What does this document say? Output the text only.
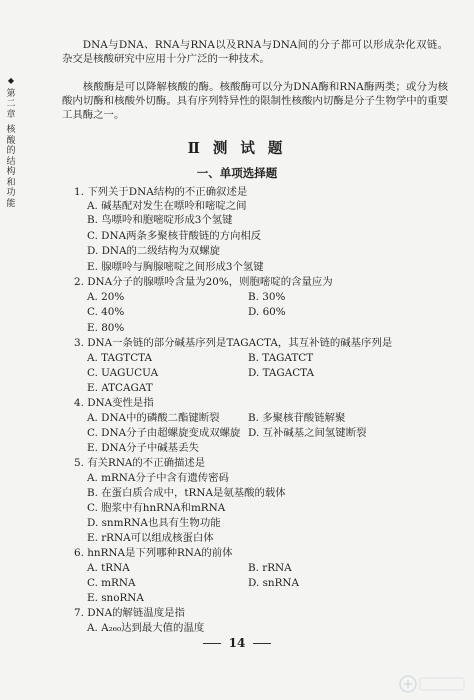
◆
第二章
核酸的结构和功能

DNA与DNA、RNA与RNA以及RNA与DNA间的分子都可以形成杂化双链。杂交是核酸研究中应用十分广泛的一种技术。

核酸酶是可以降解核酸的酶。核酸酶可以分为DNA酶和RNA酶两类；或分为核酸内切酶和核酸外切酶。具有序列特异性的限制性核酸内切酶是分子生物学中的重要工具酶之一。

Ⅱ 测 试 题
一、单项选择题
1. 下列关于DNA结构的不正确叙述是
A. 碱基配对发生在嘌呤和嘧啶之间
B. 鸟嘌呤和胞嘧啶形成3个氢键
C. DNA两条多聚核苷酸链的方向相反
D. DNA的二级结构为双螺旋
E. 腺嘌呤与胸腺嘧啶之间形成3个氢键
2. DNA分子的腺嘌呤含量为20%，则胞嘧啶的含量应为
A. 20%	B. 30%
C. 40%	D. 60%
E. 80%
3. DNA一条链的部分碱基序列是TAGACTA，其互补链的碱基序列是
A. TAGTCTA	B. TAGATCT
C. UAGUCUA	D. TAGACTA
E. ATCAGAT
4. DNA变性是指
A. DNA中的磷酸二酯键断裂	B. 多聚核苷酸链解聚
C. DNA分子由超螺旋变成双螺旋 D. 互补碱基之间氢键断裂
E. DNA分子中碱基丢失
5. 有关RNA的不正确描述是
A. mRNA分子中含有遗传密码
B. 在蛋白质合成中，tRNA是氨基酸的载体
C. 胞浆中有hnRNA和mRNA
D. snmRNA也具有生物功能
E. rRNA可以组成核蛋白体
6. hnRNA是下列哪种RNA的前体
A. tRNA	B. rRNA
C. mRNA	D. snRNA
E. snoRNA
7. DNA的解链温度是指
A. A₂₆₀达到最大值的温度
14
